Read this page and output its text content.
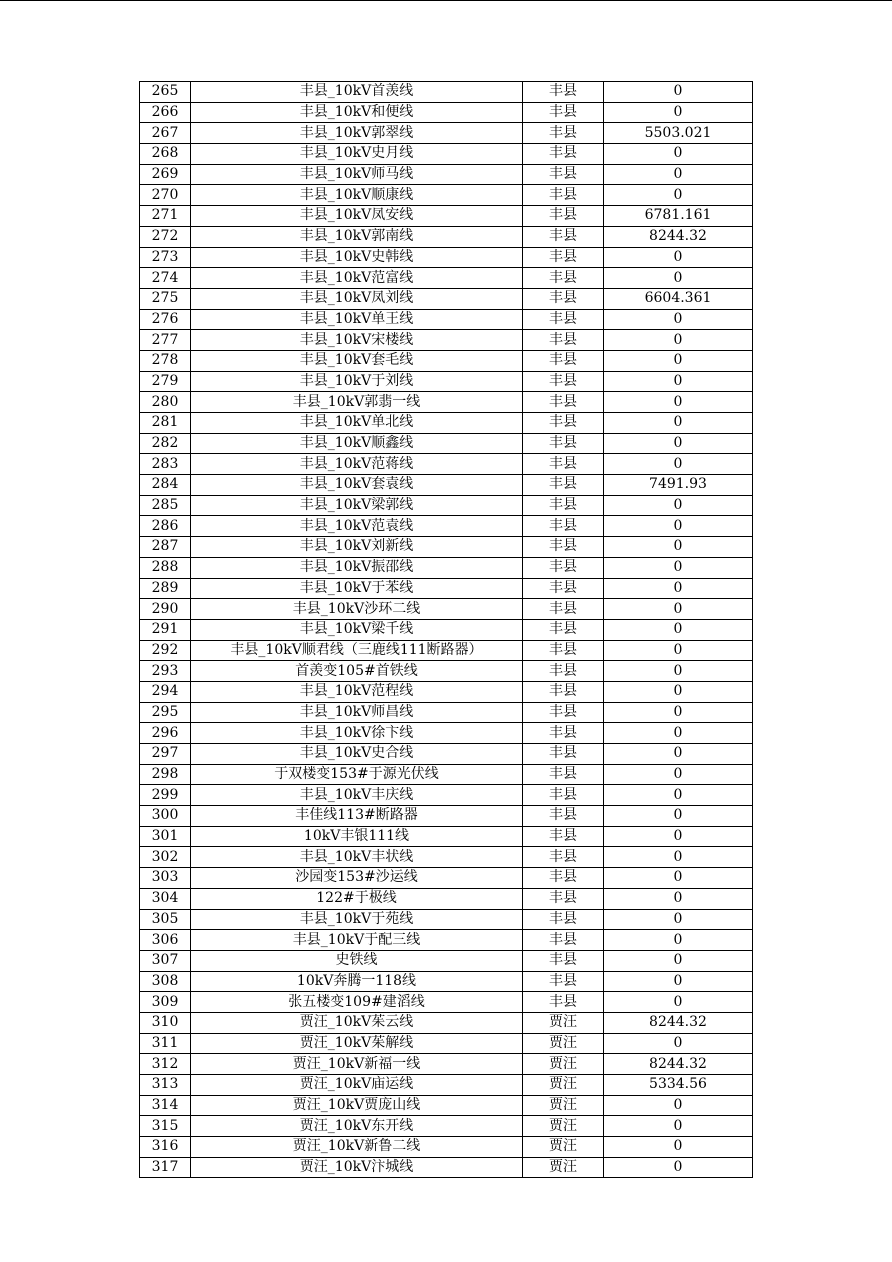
265	丰县_10kV首羡线	丰县	0
266	丰县_10kV和便线	丰县	0
267	丰县_10kV郭翠线	丰县	5503.021
268	丰县_10kV史月线	丰县	0
269	丰县_10kV师马线	丰县	0
270	丰县_10kV顺康线	丰县	0
271	丰县_10kV凤安线	丰县	6781.161
272	丰县_10kV郭南线	丰县	8244.32
273	丰县_10kV史韩线	丰县	0
274	丰县_10kV范富线	丰县	0
275	丰县_10kV凤刘线	丰县	6604.361
276	丰县_10kV单王线	丰县	0
277	丰县_10kV宋楼线	丰县	0
278	丰县_10kV套毛线	丰县	0
279	丰县_10kV于刘线	丰县	0
280	丰县_10kV郭翡一线	丰县	0
281	丰县_10kV单北线	丰县	0
282	丰县_10kV顺鑫线	丰县	0
283	丰县_10kV范蒋线	丰县	0
284	丰县_10kV套袁线	丰县	7491.93
285	丰县_10kV梁郭线	丰县	0
286	丰县_10kV范袁线	丰县	0
287	丰县_10kV刘新线	丰县	0
288	丰县_10kV振邵线	丰县	0
289	丰县_10kV于苯线	丰县	0
290	丰县_10kV沙环二线	丰县	0
291	丰县_10kV梁千线	丰县	0
292	丰县_10kV顺君线（三鹿线111断路器）	丰县	0
293	首羡变105#首铁线	丰县	0
294	丰县_10kV范程线	丰县	0
295	丰县_10kV师昌线	丰县	0
296	丰县_10kV徐卞线	丰县	0
297	丰县_10kV史合线	丰县	0
298	于双楼变153#于源光伏线	丰县	0
299	丰县_10kV丰庆线	丰县	0
300	丰佳线113#断路器	丰县	0
301	10kV丰银111线	丰县	0
302	丰县_10kV丰状线	丰县	0
303	沙园变153#沙运线	丰县	0
304	122#于极线	丰县	0
305	丰县_10kV于苑线	丰县	0
306	丰县_10kV于配三线	丰县	0
307	史铁线	丰县	0
308	10kV奔腾一118线	丰县	0
309	张五楼变109#建滔线	丰县	0
310	贾汪_10kV茱云线	贾汪	8244.32
311	贾汪_10kV茱解线	贾汪	0
312	贾汪_10kV新福一线	贾汪	8244.32
313	贾汪_10kV庙运线	贾汪	5334.56
314	贾汪_10kV贾庞山线	贾汪	0
315	贾汪_10kV东开线	贾汪	0
316	贾汪_10kV新鲁二线	贾汪	0
317	贾汪_10kV汴城线	贾汪	0
